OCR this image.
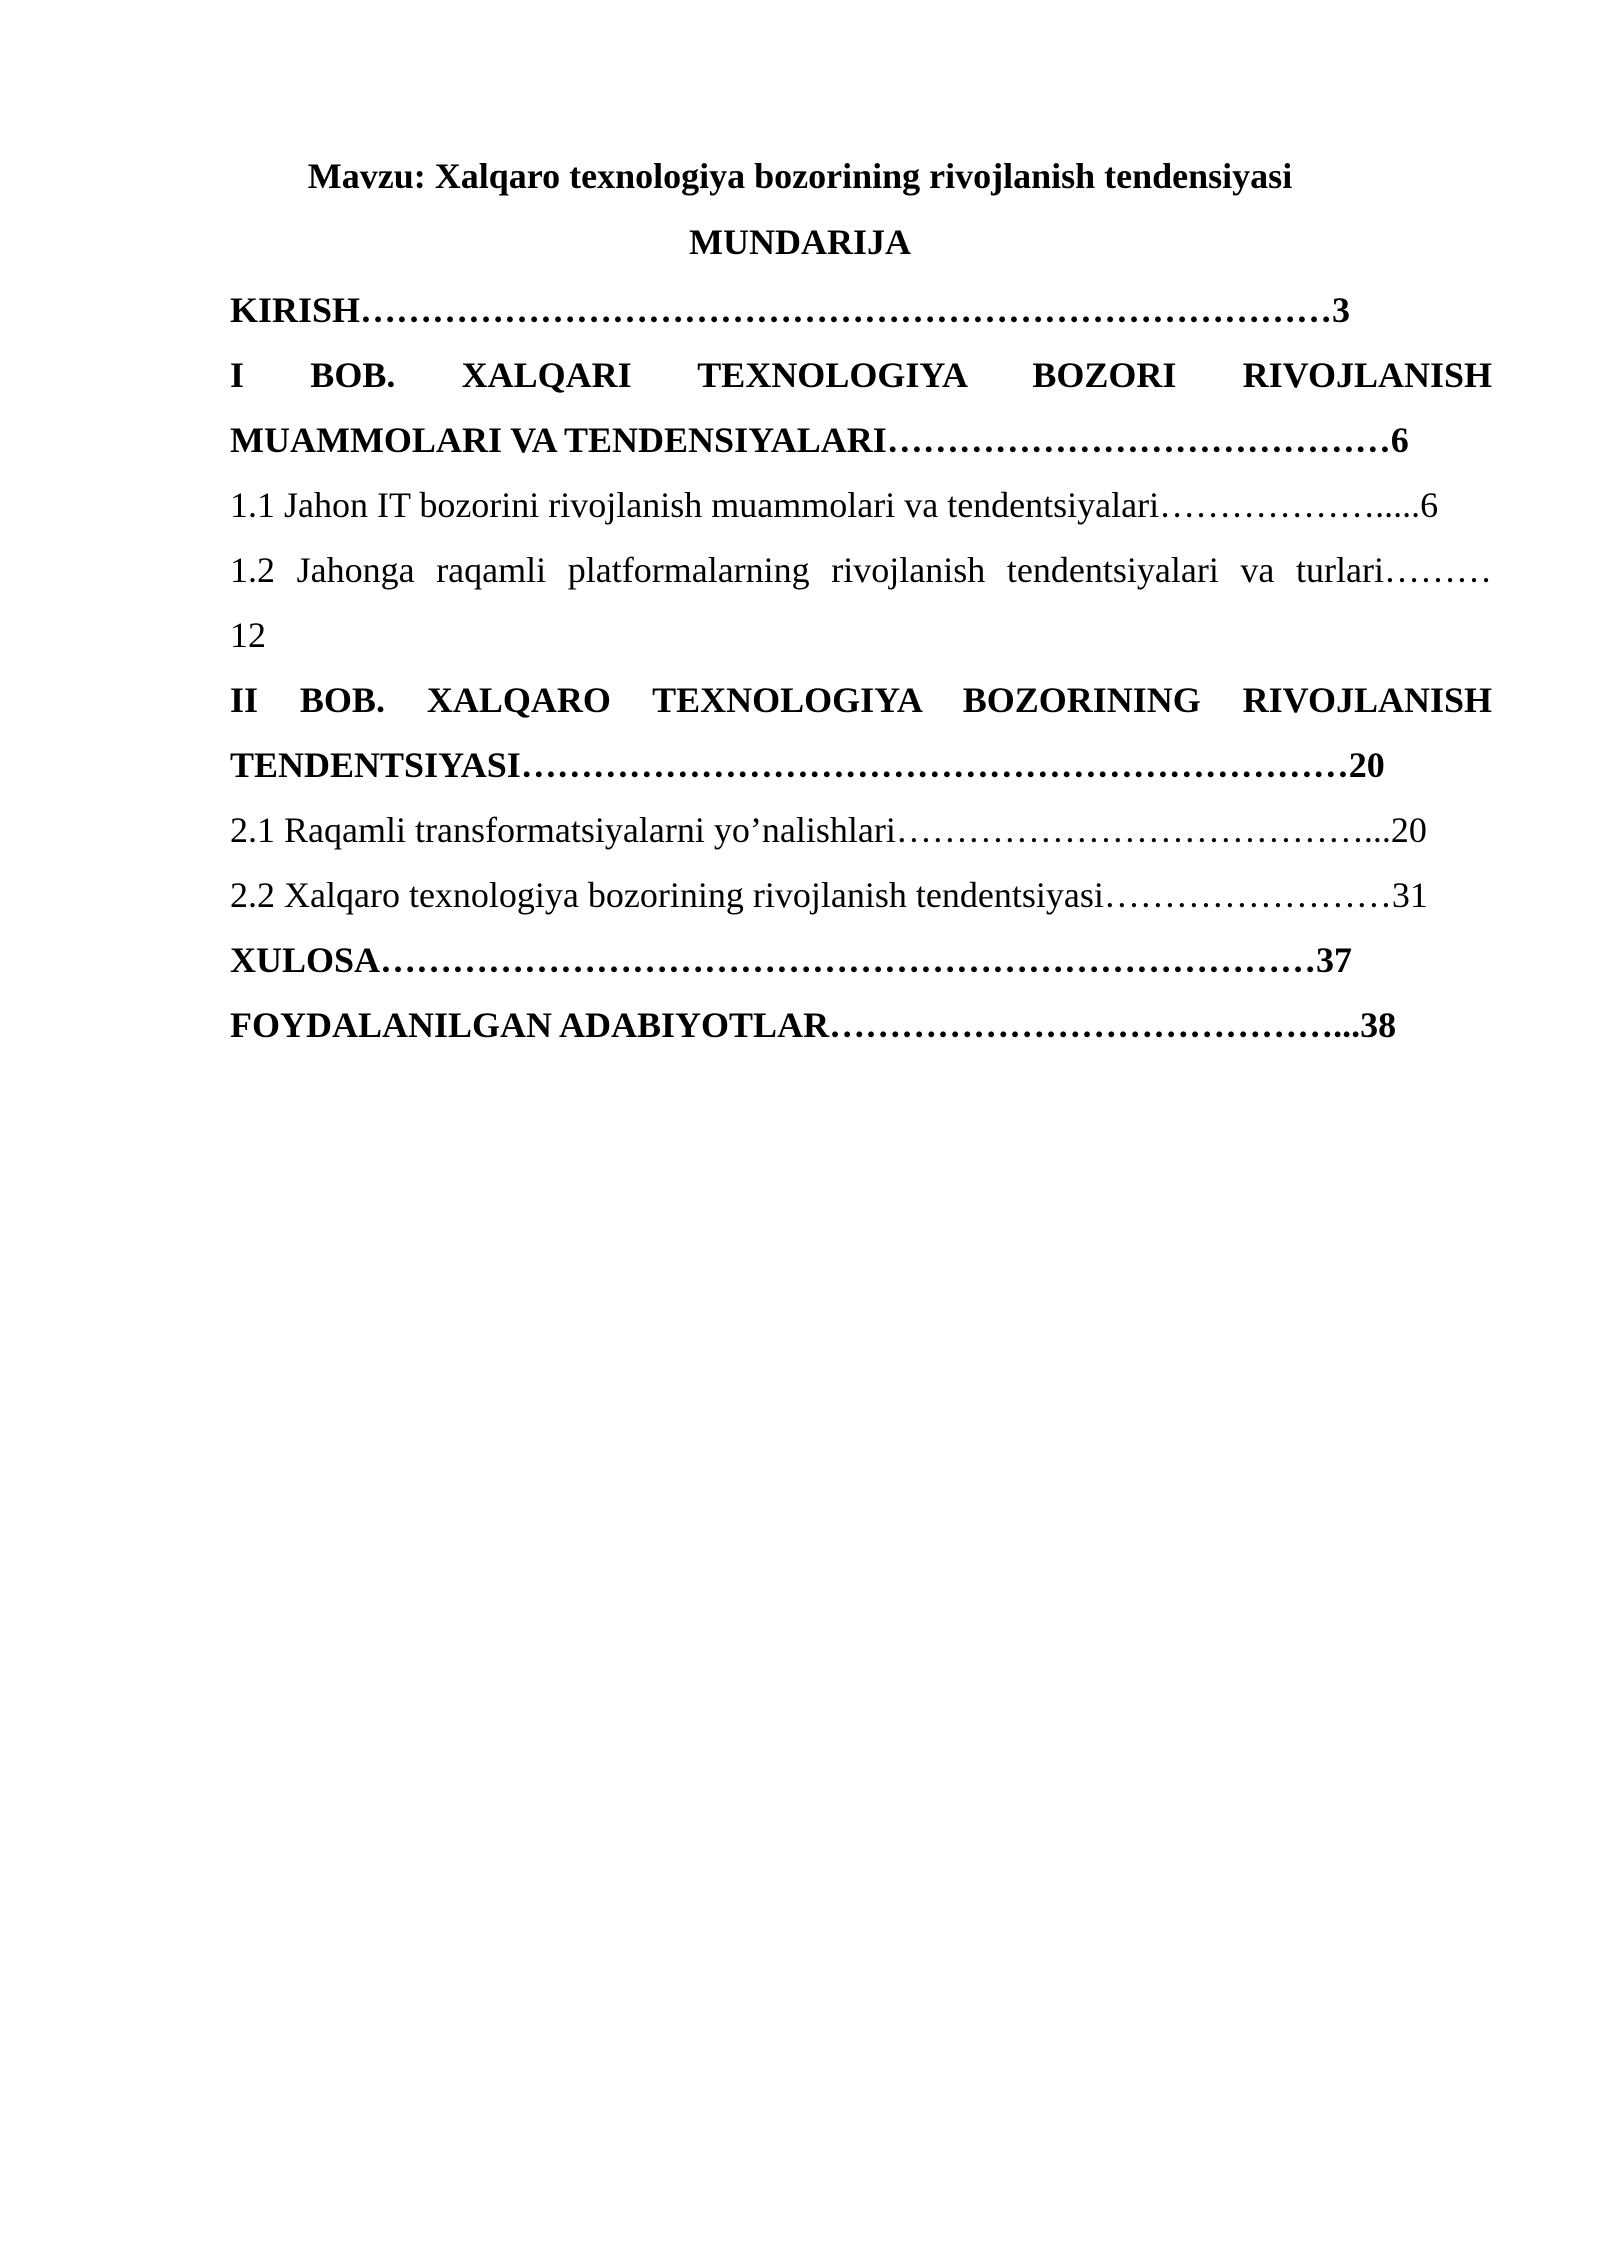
Mavzu: Xalqaro texnologiya bozorining rivojlanish tendensiyasi
MUNDARIJA
KIRISH………………………………………………………………………3
I BOB. XALQARI TEXNOLOGIYA BOZORI RIVOJLANISH
MUAMMOLARI VA TENDENSIYALARI……………………………………6
1.1 Jahon IT bozorini rivojlanish muammolari va tendentsiyalari……………….....6
1.2 Jahonga raqamli platformalarning rivojlanish tendentsiyalari va turlari………
12
II BOB. XALQARO TEXNOLOGIYA BOZORINING RIVOJLANISH
TENDENTSIYASI……………………………………………………………20
2.1 Raqamli transformatsiyalarni yo’nalishlari…………………………………...20
2.2 Xalqaro texnologiya bozorining rivojlanish tendentsiyasi……………………31
XULOSA……………………………………………………………………37
FOYDALANILGAN ADABIYOTLAR……………………………………...38
